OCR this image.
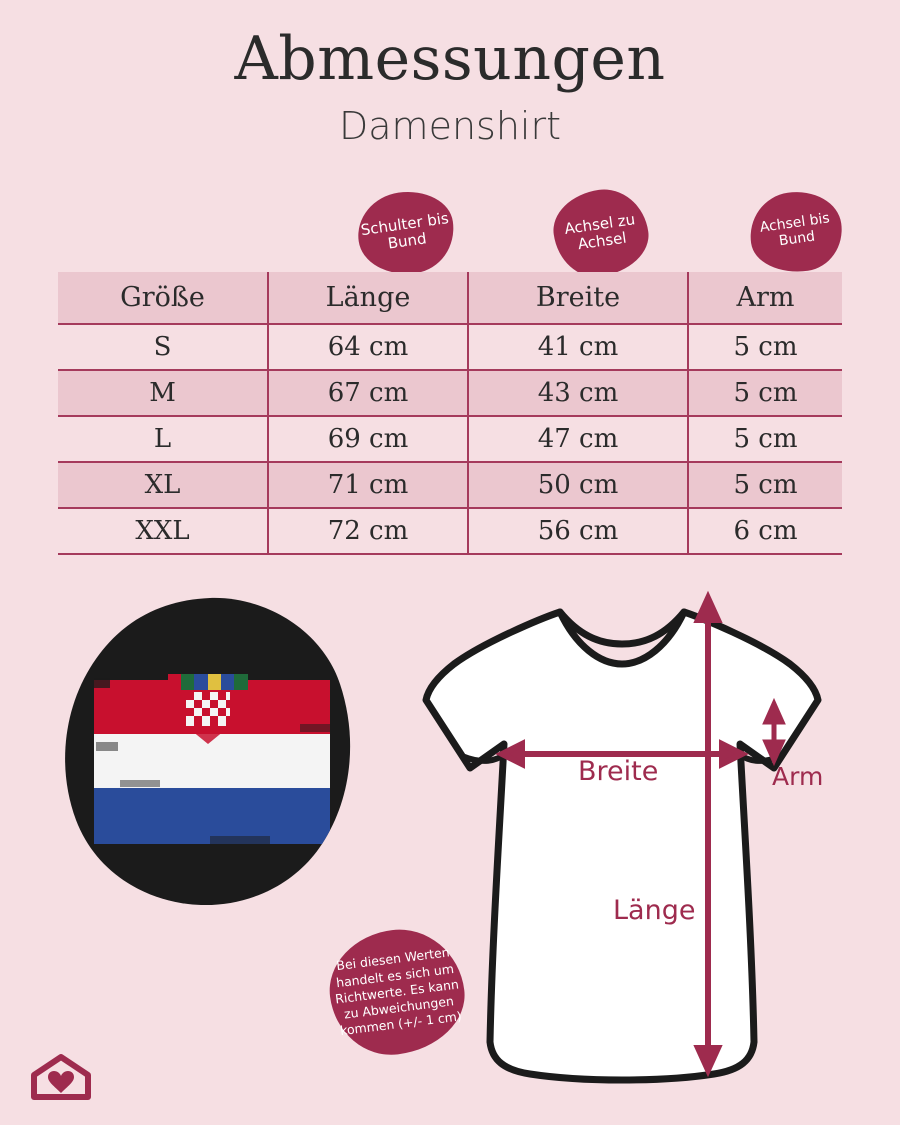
Abmessungen
Damenshirt
Schulter bis Bund
Achsel zu Achsel
Achsel bis Bund
Größe	Länge	Breite	Arm
S	64 cm	41 cm	5 cm
M	67 cm	43 cm	5 cm
L	69 cm	47 cm	5 cm
XL	71 cm	50 cm	5 cm
XXL	72 cm	56 cm	6 cm
Breite	Arm
Länge
Bei diesen Werten handelt es sich um Richtwerte. Es kann zu Abweichungen kommen (+/- 1 cm)
